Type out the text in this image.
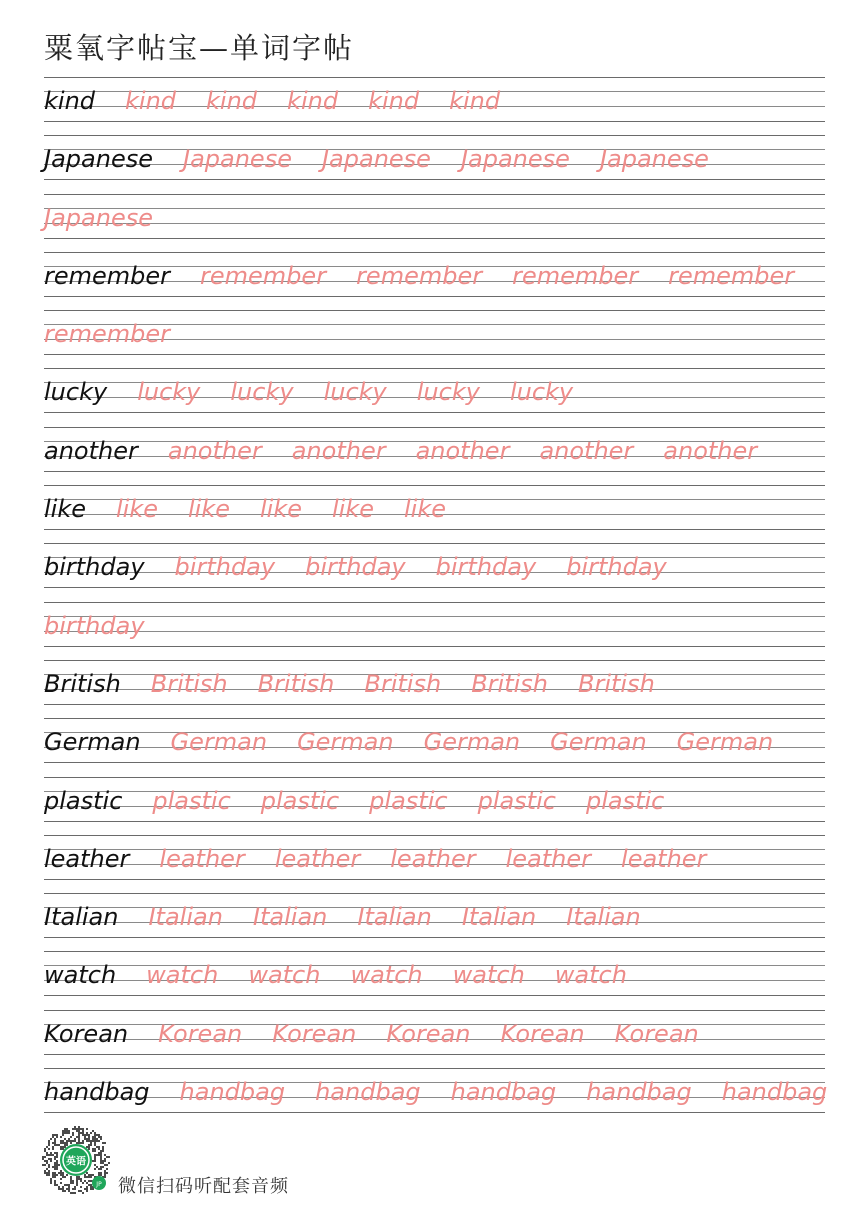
粟氧字帖宝—单词字帖
kind kind kind kind kind kind
Japanese Japanese Japanese Japanese Japanese
Japanese
remember remember remember remember remember
remember
lucky lucky lucky lucky lucky lucky
another another another another another another
like like like like like like
birthday birthday birthday birthday birthday
birthday
British British British British British British
German German German German German German
plastic plastic plastic plastic plastic plastic
leather leather leather leather leather leather
Italian Italian Italian Italian Italian Italian
watch watch watch watch watch watch
Korean Korean Korean Korean Korean Korean
handbag handbag handbag handbag handbag handbag
英语
JP 微信扫码听配套音频
